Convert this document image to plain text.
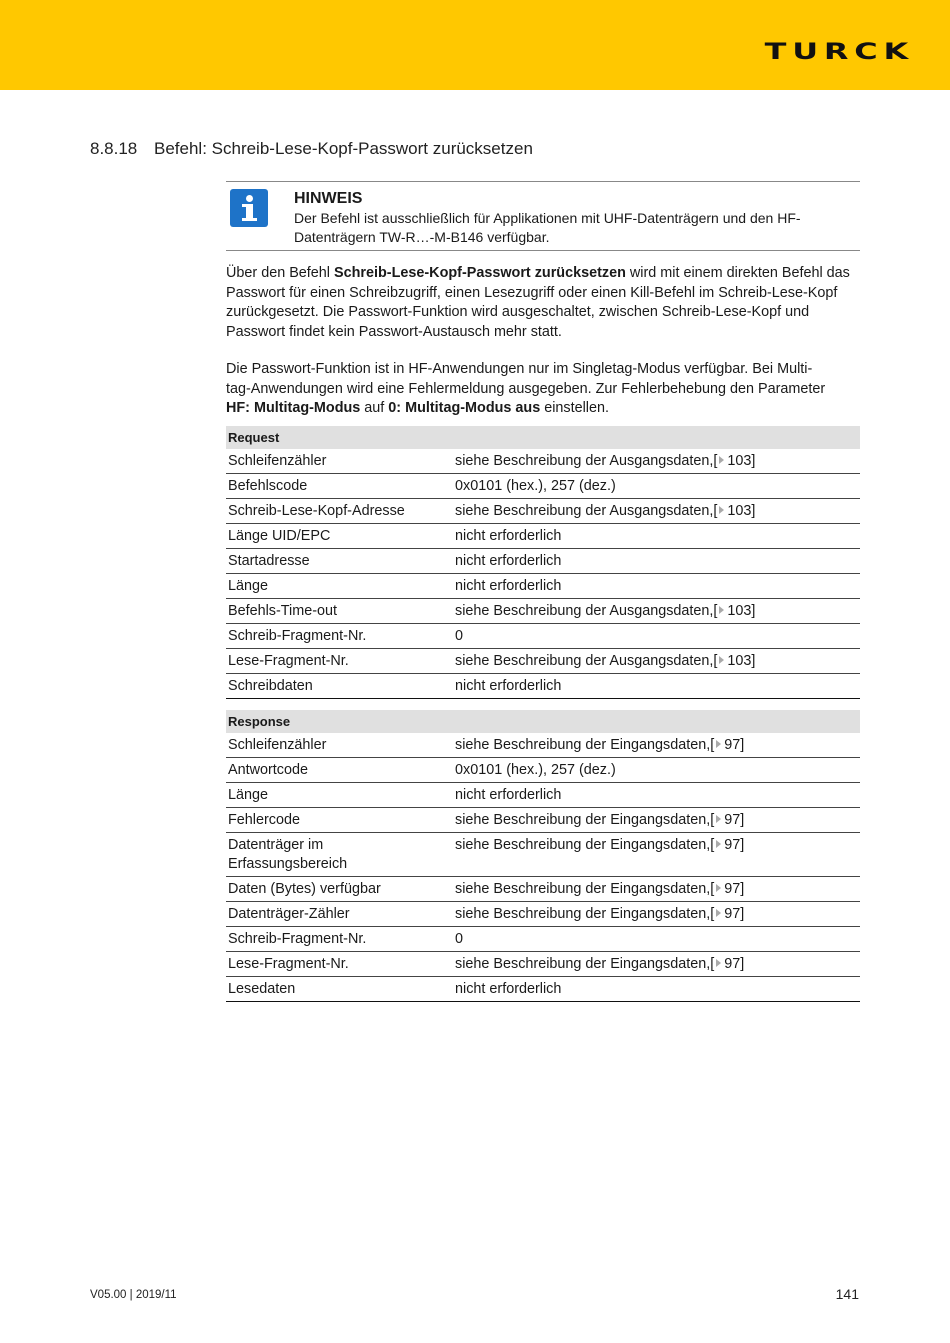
TURCK
8.8.18 Befehl: Schreib-Lese-Kopf-Passwort zurücksetzen
HINWEIS
Der Befehl ist ausschließlich für Applikationen mit UHF-Datenträgern und den HF-
Datenträgern TW-R…-M-B146 verfügbar.
Über den Befehl Schreib-Lese-Kopf-Passwort zurücksetzen wird mit einem direkten Befehl das
Passwort für einen Schreibzugriff, einen Lesezugriff oder einen Kill-Befehl im Schreib-Lese-Kopf
zurückgesetzt. Die Passwort-Funktion wird ausgeschaltet, zwischen Schreib-Lese-Kopf und
Passwort findet kein Passwort-Austausch mehr statt.
Die Passwort-Funktion ist in HF-Anwendungen nur im Singletag-Modus verfügbar. Bei Multi-
tag-Anwendungen wird eine Fehlermeldung ausgegeben. Zur Fehlerbehebung den Parameter
HF: Multitag-Modus auf 0: Multitag-Modus aus einstellen.
Request	
Schleifenzähler	siehe Beschreibung der Ausgangsdaten,[ 103]
Befehlscode	0x0101 (hex.), 257 (dez.)
Schreib-Lese-Kopf-Adresse	siehe Beschreibung der Ausgangsdaten,[ 103]
Länge UID/EPC	nicht erforderlich
Startadresse	nicht erforderlich
Länge	nicht erforderlich
Befehls-Time-out	siehe Beschreibung der Ausgangsdaten,[ 103]
Schreib-Fragment-Nr.	0
Lese-Fragment-Nr.	siehe Beschreibung der Ausgangsdaten,[ 103]
Schreibdaten	nicht erforderlich
Response	
Schleifenzähler	siehe Beschreibung der Eingangsdaten,[ 97]
Antwortcode	0x0101 (hex.), 257 (dez.)
Länge	nicht erforderlich
Fehlercode	siehe Beschreibung der Eingangsdaten,[ 97]
Datenträger im
Erfassungsbereich	siehe Beschreibung der Eingangsdaten,[ 97]
Daten (Bytes) verfügbar	siehe Beschreibung der Eingangsdaten,[ 97]
Datenträger-Zähler	siehe Beschreibung der Eingangsdaten,[ 97]
Schreib-Fragment-Nr.	0
Lese-Fragment-Nr.	siehe Beschreibung der Eingangsdaten,[ 97]
Lesedaten	nicht erforderlich
V05.00 | 2019/11	141
